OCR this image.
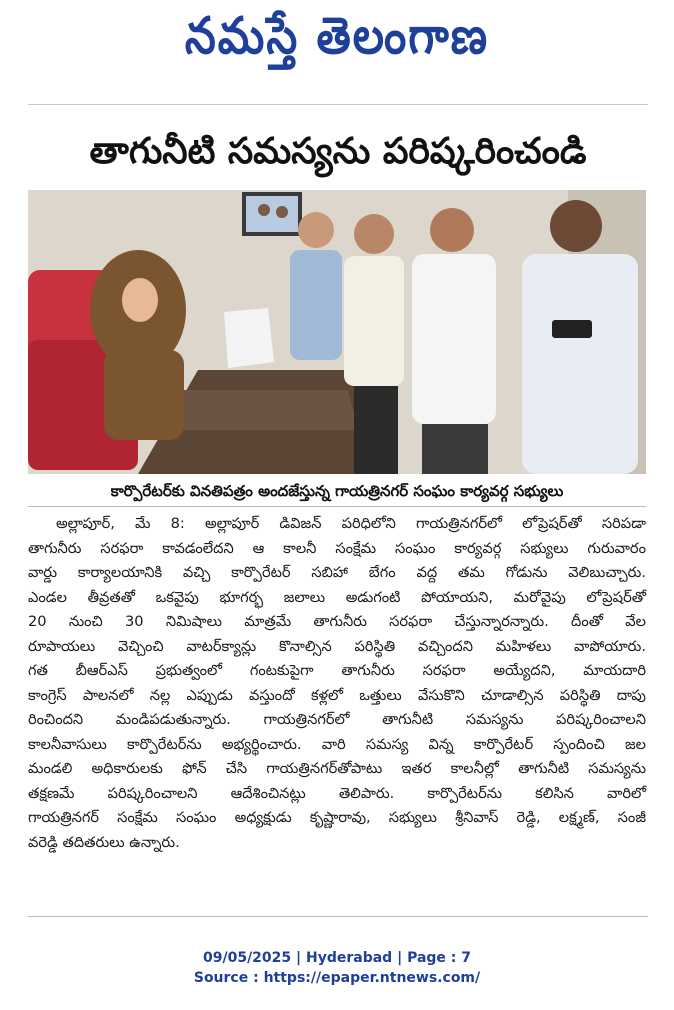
నమస్తే తెలంగాణ
తాగునీటి సమస్యను పరిష్కరించండి
కార్పొరేటర్‌కు వినతిపత్రం అందజేస్తున్న గాయత్రినగర్ సంఘం కార్యవర్గ సభ్యులు

అల్లాపూర్, మే 8: అల్లాపూర్ డివిజన్ పరిధిలోని గాయత్రినగర్‌లో లోప్రెషర్‌తో సరిపడా

తాగునీరు సరఫరా కావడంలేదని ఆ కాలనీ సంక్షేమ సంఘం కార్యవర్గ సభ్యులు గురువారం

వార్డు కార్యాలయానికి వచ్చి కార్పొరేటర్ సబిహా బేగం వద్ద తమ గోడును వెలిబుచ్చారు.

ఎండల తీవ్రతతో ఒకవైపు భూగర్భ జలాలు అడుగంటి పోయాయని, మరోవైపు లోప్రెషర్‌తో

20 నుంచి 30 నిమిషాలు మాత్రమే తాగునీరు సరఫరా చేస్తున్నారన్నారు. దీంతో వేల

రూపాయలు వెచ్చించి వాటర్‌క్యాన్లు కొనాల్సిన పరిస్థితి వచ్చిందని మహిళలు వాపోయారు.

గత బీఆర్‌ఎస్ ప్రభుత్వంలో గంటకుపైగా తాగునీరు సరఫరా అయ్యేదని, మాయదారి

కాంగ్రెస్ పాలనలో నల్ల ఎప్పుడు వస్తుందో కళ్లలో ఒత్తులు వేసుకొని చూడాల్సిన పరిస్థితి దాపు

రించిందని మండిపడుతున్నారు. గాయత్రినగర్‌లో తాగునీటి సమస్యను పరిష్కరించాలని

కాలనీవాసులు కార్పొరేటర్‌ను అభ్యర్థించారు. వారి సమస్య విన్న కార్పొరేటర్ స్పందించి జల

మండలి అధికారులకు ఫోన్ చేసి గాయత్రినగర్‌తోపాటు ఇతర కాలనీల్లో తాగునీటి సమస్యను

తక్షణమే పరిష్కరించాలని ఆదేశించినట్లు తెలిపారు. కార్పొరేటర్‌ను కలిసిన వారిలో

గాయత్రినగర్ సంక్షేమ సంఘం అధ్యక్షుడు కృష్ణారావు, సభ్యులు శ్రీనివాస్ రెడ్డి, లక్ష్మణ్, సంజీ

వరెడ్డి తదితరులు ఉన్నారు.

09/05/2025 | Hyderabad | Page : 7
Source : https://epaper.ntnews.com/
